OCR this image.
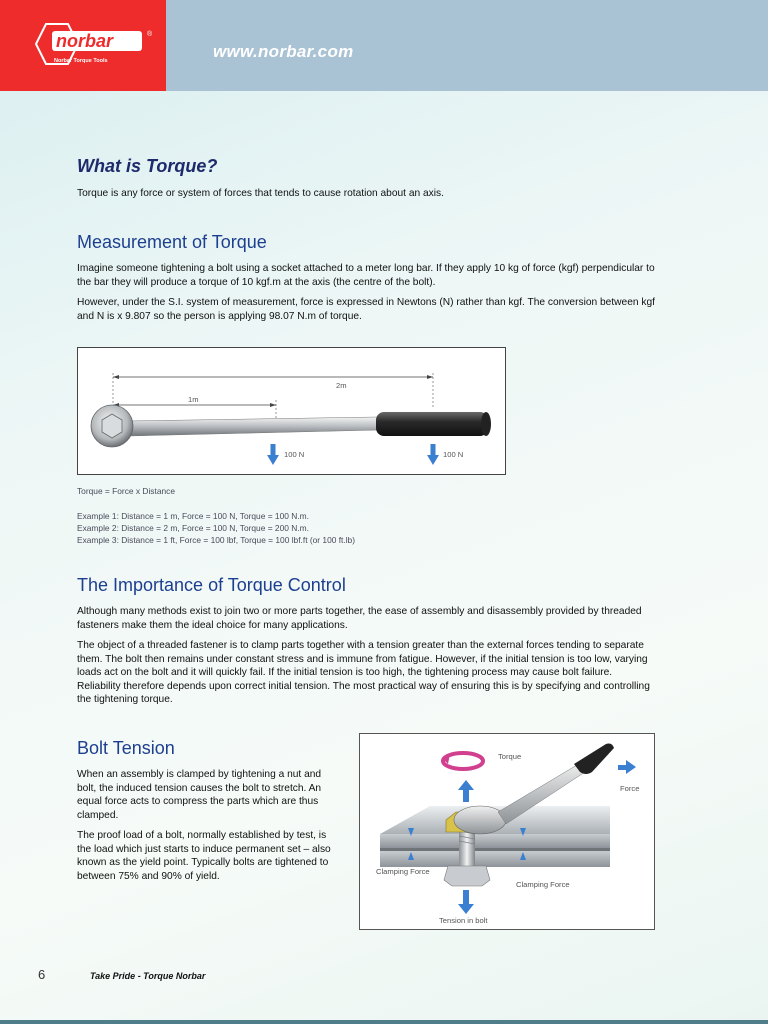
norbar
Norbar Torque Tools
®
www.norbar.com
What is Torque?
Torque is any force or system of forces that tends to cause rotation about an axis.
Measurement of Torque
Imagine someone tightening a bolt using a socket attached to a meter long bar. If they apply 10 kg of force (kgf) perpendicular to the bar they will produce a torque of 10 kgf.m at the axis (the centre of the bolt).
However, under the S.I. system of measurement, force is expressed in Newtons (N) rather than kgf. The conversion between kgf and N is x 9.807 so the person is applying 98.07 N.m of torque.
1m
2m
100 N	100 N
Torque = Force x Distance
Example 1: Distance = 1 m, Force = 100 N, Torque = 100 N.m.
Example 2: Distance = 2 m, Force = 100 N, Torque = 200 N.m.
Example 3: Distance = 1 ft, Force = 100 lbf, Torque = 100 lbf.ft (or 100 ft.lb)
The Importance of Torque Control
Although many methods exist to join two or more parts together, the ease of assembly and disassembly provided by threaded fasteners make them the ideal choice for many applications.
The object of a threaded fastener is to clamp parts together with a tension greater than the external forces tending to separate them. The bolt then remains under constant stress and is immune from fatigue. However, if the initial tension is too low, varying loads act on the bolt and it will quickly fail. If the initial tension is too high, the tightening process may cause bolt failure. Reliability therefore depends upon correct initial tension. The most practical way of ensuring this is by specifying and controlling the tightening torque.
Bolt Tension
When an assembly is clamped by tightening a nut and bolt, the induced tension causes the bolt to stretch. An equal force acts to compress the parts which are thus clamped.
The proof load of a bolt, normally established by test, is the load which just starts to induce permanent set – also known as the yield point. Typically bolts are tightened to between 75% and 90% of yield.
Torque
Force
Clamping Force
Clamping Force
Tension in bolt
6	Take Pride - Torque Norbar
